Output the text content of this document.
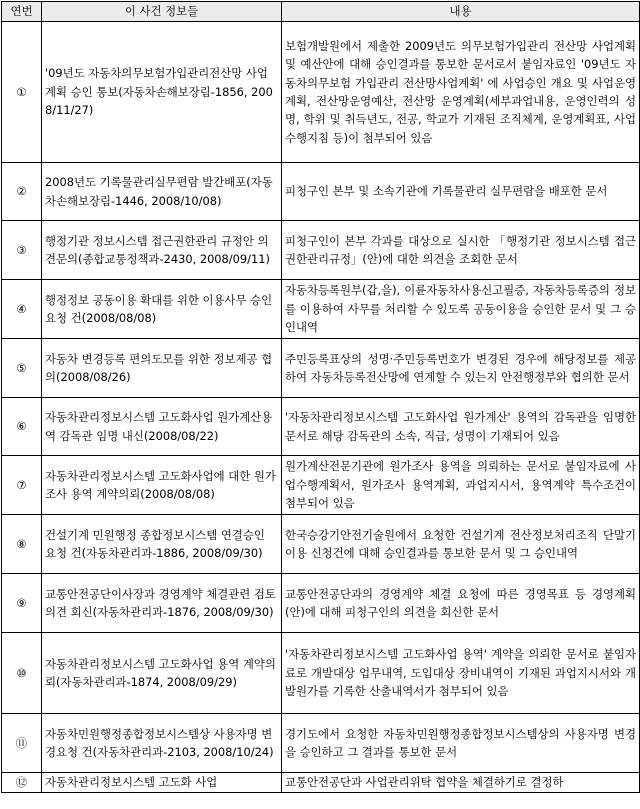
연번	이 사건 정보들	내용
①	'09년도 자동차의무보험가입관리전산망 사업계획 승인 통보(자동차손해보장림-1856, 2008/11/27)	보험개발원에서 제출한 2009년도 의무보험가입관리 전산망 사업계획 및 예산안에 대해 승인결과를 통보한 문서로서 붙임자료인 '09년도 자동차의무보험 가입관리 전산망사업계획' 에 사업승인 개요 및 사업운영 계획, 전산망운영예산, 전산망 운영계획(세부과업내용, 운영인력의 성명, 학위 및 취득년도, 전공, 학교가 기재된 조직체계, 운영계획표, 사업수행지침 등)이 첨부되어 있음
②	2008년도 기록물관리실무편람 발간배포(자동차손해보장림-1446, 2008/10/08)	피청구인 본부 및 소속기관에 기록물관리 실무편람을 배포한 문서
③	행정기관 정보시스템 접근권한관리 규정안 의견문의(종합교통정책과-2430, 2008/09/11)	피청구인이 본부 각과를 대상으로 실시한 「행정기관 정보시스템 접근권한관리규정」(안)에 대한 의견을 조회한 문서
④	행정정보 공동이용 확대를 위한 이용사무 승인요청 건(2008/08/08)	자동차등록원부(갑,을), 이륜자동차사용신고필증, 자동차등록증의 정보를 이용하여 사무를 처리할 수 있도록 공동이용을 승인한 문서 및 그 승인내역
⑤	자동차 변경등록 편의도모를 위한 정보제공 협의(2008/08/26)	주민등록표상의 성명·주민등록번호가 변경된 경우에 해당정보를 제공하여 자동차등록전산망에 연계할 수 있는지 안전행정부와 협의한 문서
⑥	자동차관리정보시스템 고도화사업 원가계산용역 감독관 임명 내신(2008/08/22)	'자동차관리정보시스템 고도화사업 원가계산' 용역의 감독관을 임명한 문서로 해당 감독관의 소속, 직급, 성명이 기재되어 있음
⑦	자동차관리정보시스템 고도화사업에 대한 원가조사 용역 계약의뢰(2008/08/08)	원가계산전문기관에 원가조사 용역을 의뢰하는 문서로 붙임자료에 사업수행계획서, 원가조사 용역계획, 과업지시서, 용역계약 특수조건이 첨부되어 있음
⑧	건설기계 민원행정 종합정보시스템 연결승인 요청 건(자동차관리과-1886, 2008/09/30)	한국승강기안전기술원에서 요청한 건설기계 전산정보처리조직 단말기 이용 신청건에 대해 승인결과를 통보한 문서 및 그 승인내역
⑨	교통안전공단이사장과 경영계약 체결관련 검토의견 회신(자동차관리과-1876, 2008/09/30)	교통안전공단과의 경영계약 체결 요청에 따른 경영목표 등 경영계획(안)에 대해 피청구인의 의견을 회신한 문서
⑩	자동차관리정보시스템 고도화사업 용역 계약의뢰(자동차관리과-1874, 2008/09/29)	'자동차관리정보시스템 고도화사업 용역' 계약을 의뢰한 문서로 붙임자료로 개발대상 업무내역, 도입대상 장비내역이 기재된 과업지시서와 개발원가를 기록한 산출내역서가 첨부되어 있음
⑪	자동차민원행정종합정보시스템상 사용자명 변경요청 건(자동차관리과-2103, 2008/10/24)	경기도에서 요청한 자동차민원행정종합정보시스템상의 사용자명 변경을 승인하고 그 결과를 통보한 문서
⑫	자동차관리정보시스템 고도화 사업	교통안전공단과 사업관리위탁 협약을 체결하기로 결정하
